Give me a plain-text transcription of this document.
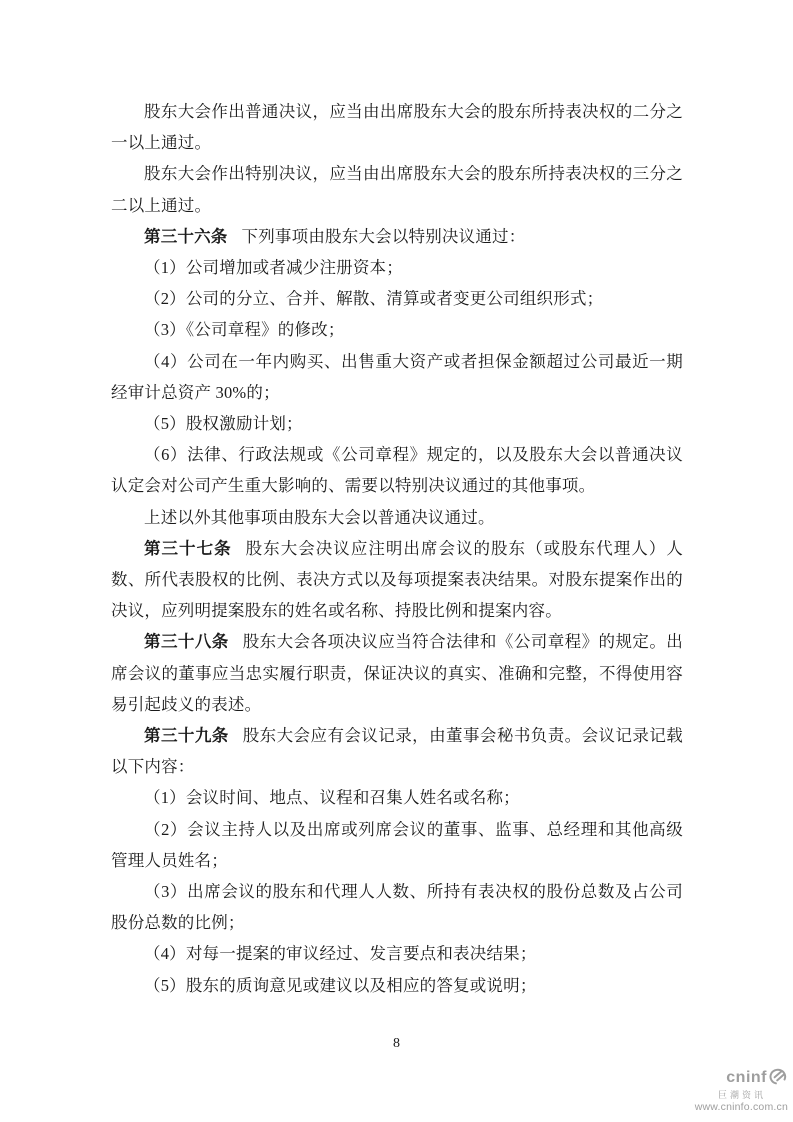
股东大会作出普通决议，应当由出席股东大会的股东所持表决权的二分之一以上通过。

股东大会作出特别决议，应当由出席股东大会的股东所持表决权的三分之二以上通过。

第三十六条 下列事项由股东大会以特别决议通过：

（1）公司增加或者减少注册资本；

（2）公司的分立、合并、解散、清算或者变更公司组织形式；

（3）《公司章程》的修改；

（4）公司在一年内购买、出售重大资产或者担保金额超过公司最近一期经审计总资产 30%的；

（5）股权激励计划；

（6）法律、行政法规或《公司章程》规定的，以及股东大会以普通决议认定会对公司产生重大影响的、需要以特别决议通过的其他事项。

上述以外其他事项由股东大会以普通决议通过。

第三十七条 股东大会决议应注明出席会议的股东（或股东代理人）人数、所代表股权的比例、表决方式以及每项提案表决结果。对股东提案作出的决议，应列明提案股东的姓名或名称、持股比例和提案内容。

第三十八条 股东大会各项决议应当符合法律和《公司章程》的规定。出席会议的董事应当忠实履行职责，保证决议的真实、准确和完整，不得使用容易引起歧义的表述。

第三十九条 股东大会应有会议记录，由董事会秘书负责。会议记录记载以下内容：

（1）会议时间、地点、议程和召集人姓名或名称；

（2）会议主持人以及出席或列席会议的董事、监事、总经理和其他高级管理人员姓名；

（3）出席会议的股东和代理人人数、所持有表决权的股份总数及占公司股份总数的比例；

（4）对每一提案的审议经过、发言要点和表决结果；

（5）股东的质询意见或建议以及相应的答复或说明；

8
cninf
巨潮资讯
www.cninfo.com.cn
